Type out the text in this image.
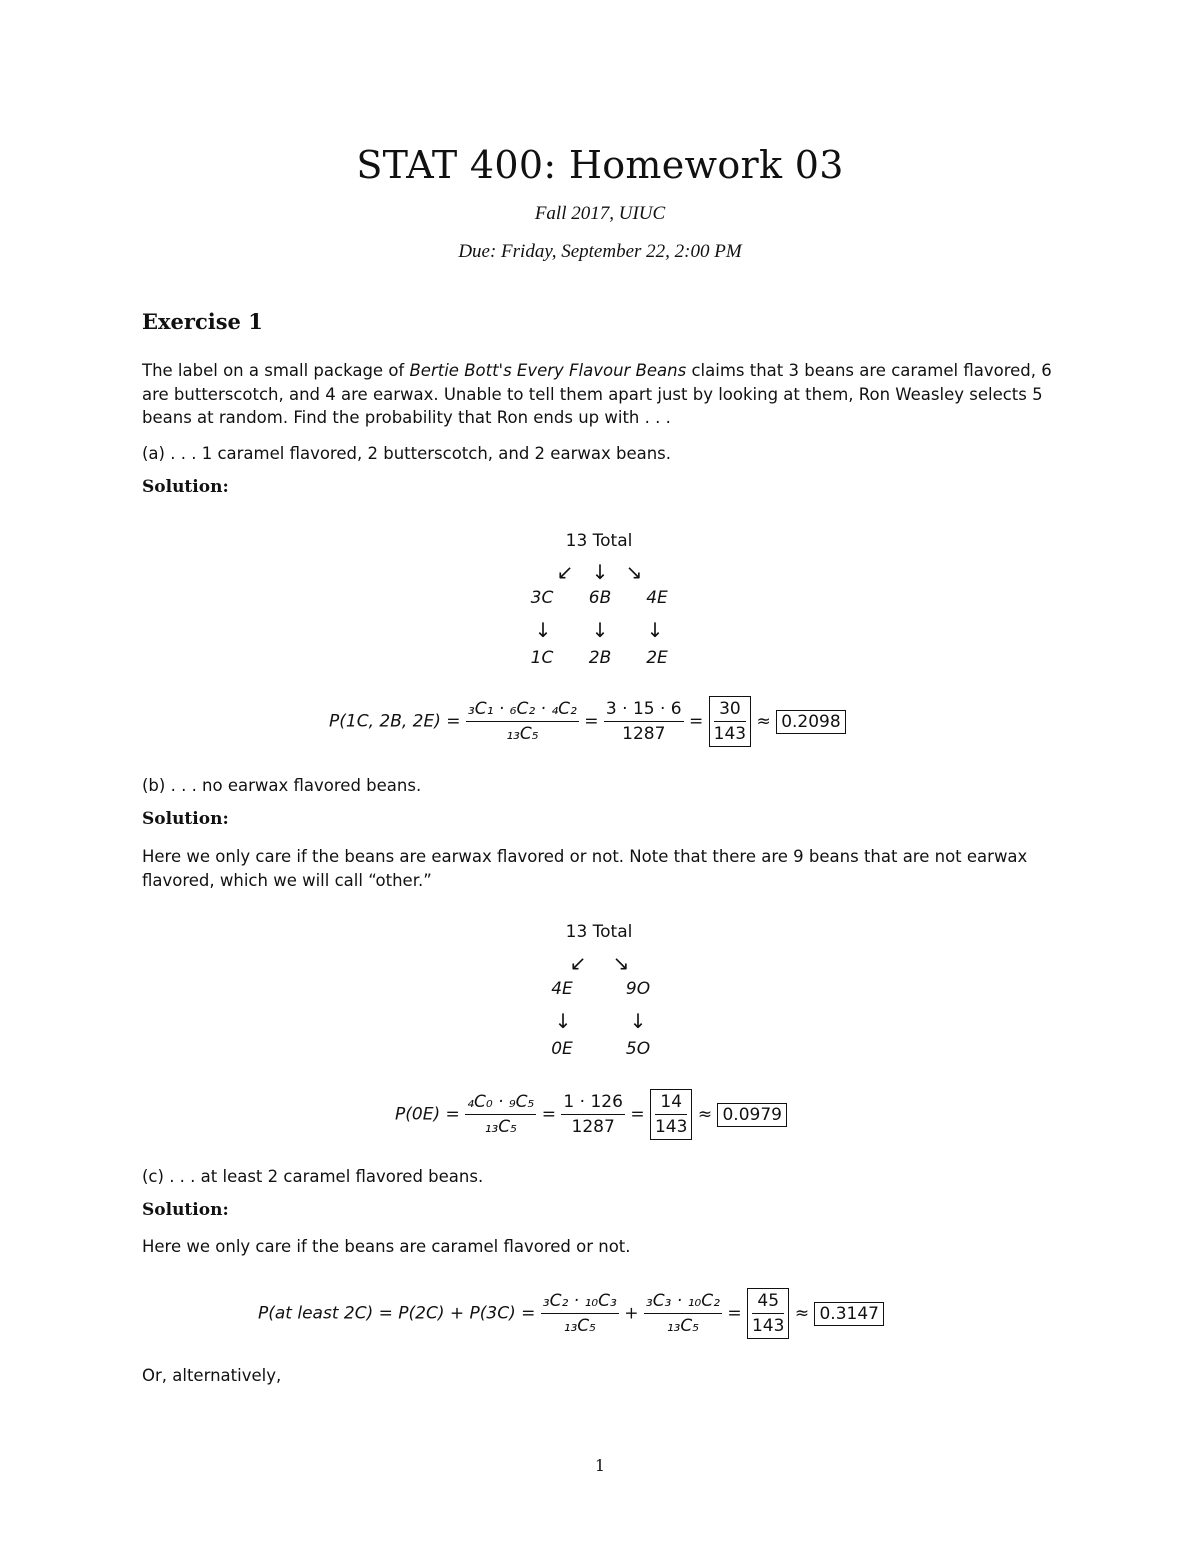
STAT 400: Homework 03
Fall 2017, UIUC
Due: Friday, September 22, 2:00 PM
Exercise 1
The label on a small package of Bertie Bott's Every Flavour Beans claims that 3 beans are caramel flavored, 6 are butterscotch, and 4 are earwax. Unable to tell them apart just by looking at them, Ron Weasley selects 5 beans at random. Find the probability that Ron ends up with . . .
(a) . . . 1 caramel flavored, 2 butterscotch, and 2 earwax beans.
Solution:
13 Total
↙ ↓ ↘
3C	6B	4E
↓	↓	↓
1C	2B	2E
P(1C, 2B, $2E) = \frac{\text{₃C₁ · ₆C₂ · ₄C₂}}{\text{₁₃C₅}} = \frac{3 \cdot 15 \cdot 6}{1287} = \frac{30}{143} \approx 0.2098$
(b) . . . no earwax flavored beans.
Solution:
Here we only care if the beans are earwax flavored or not. Note that there are 9 beans that are not earwax flavored, which we will call “other.”
13 Total
↙	↘
4E	9O
↓	↓
0E	5O
$P(0E) = \frac{\text{₄C₀ · ₉C₅}}{\text{₁₃C₅}} = \frac{1 \cdot 126}{1287} = \frac{14}{143} \approx 0.0979$
(c) . . . at least 2 caramel flavored beans.
Solution:
Here we only care if the beans are caramel flavored or not.
P(at least $2C) = P(2C) + P(3C) = \frac{\text{₃C₂ · ₁₀C₃}}{\text{₁₃C₅}} + \frac{\text{₃C₃ · ₁₀C₂}}{\text{₁₃C₅}} = \frac{45}{143} \approx 0.3147$
Or, alternatively,
1
